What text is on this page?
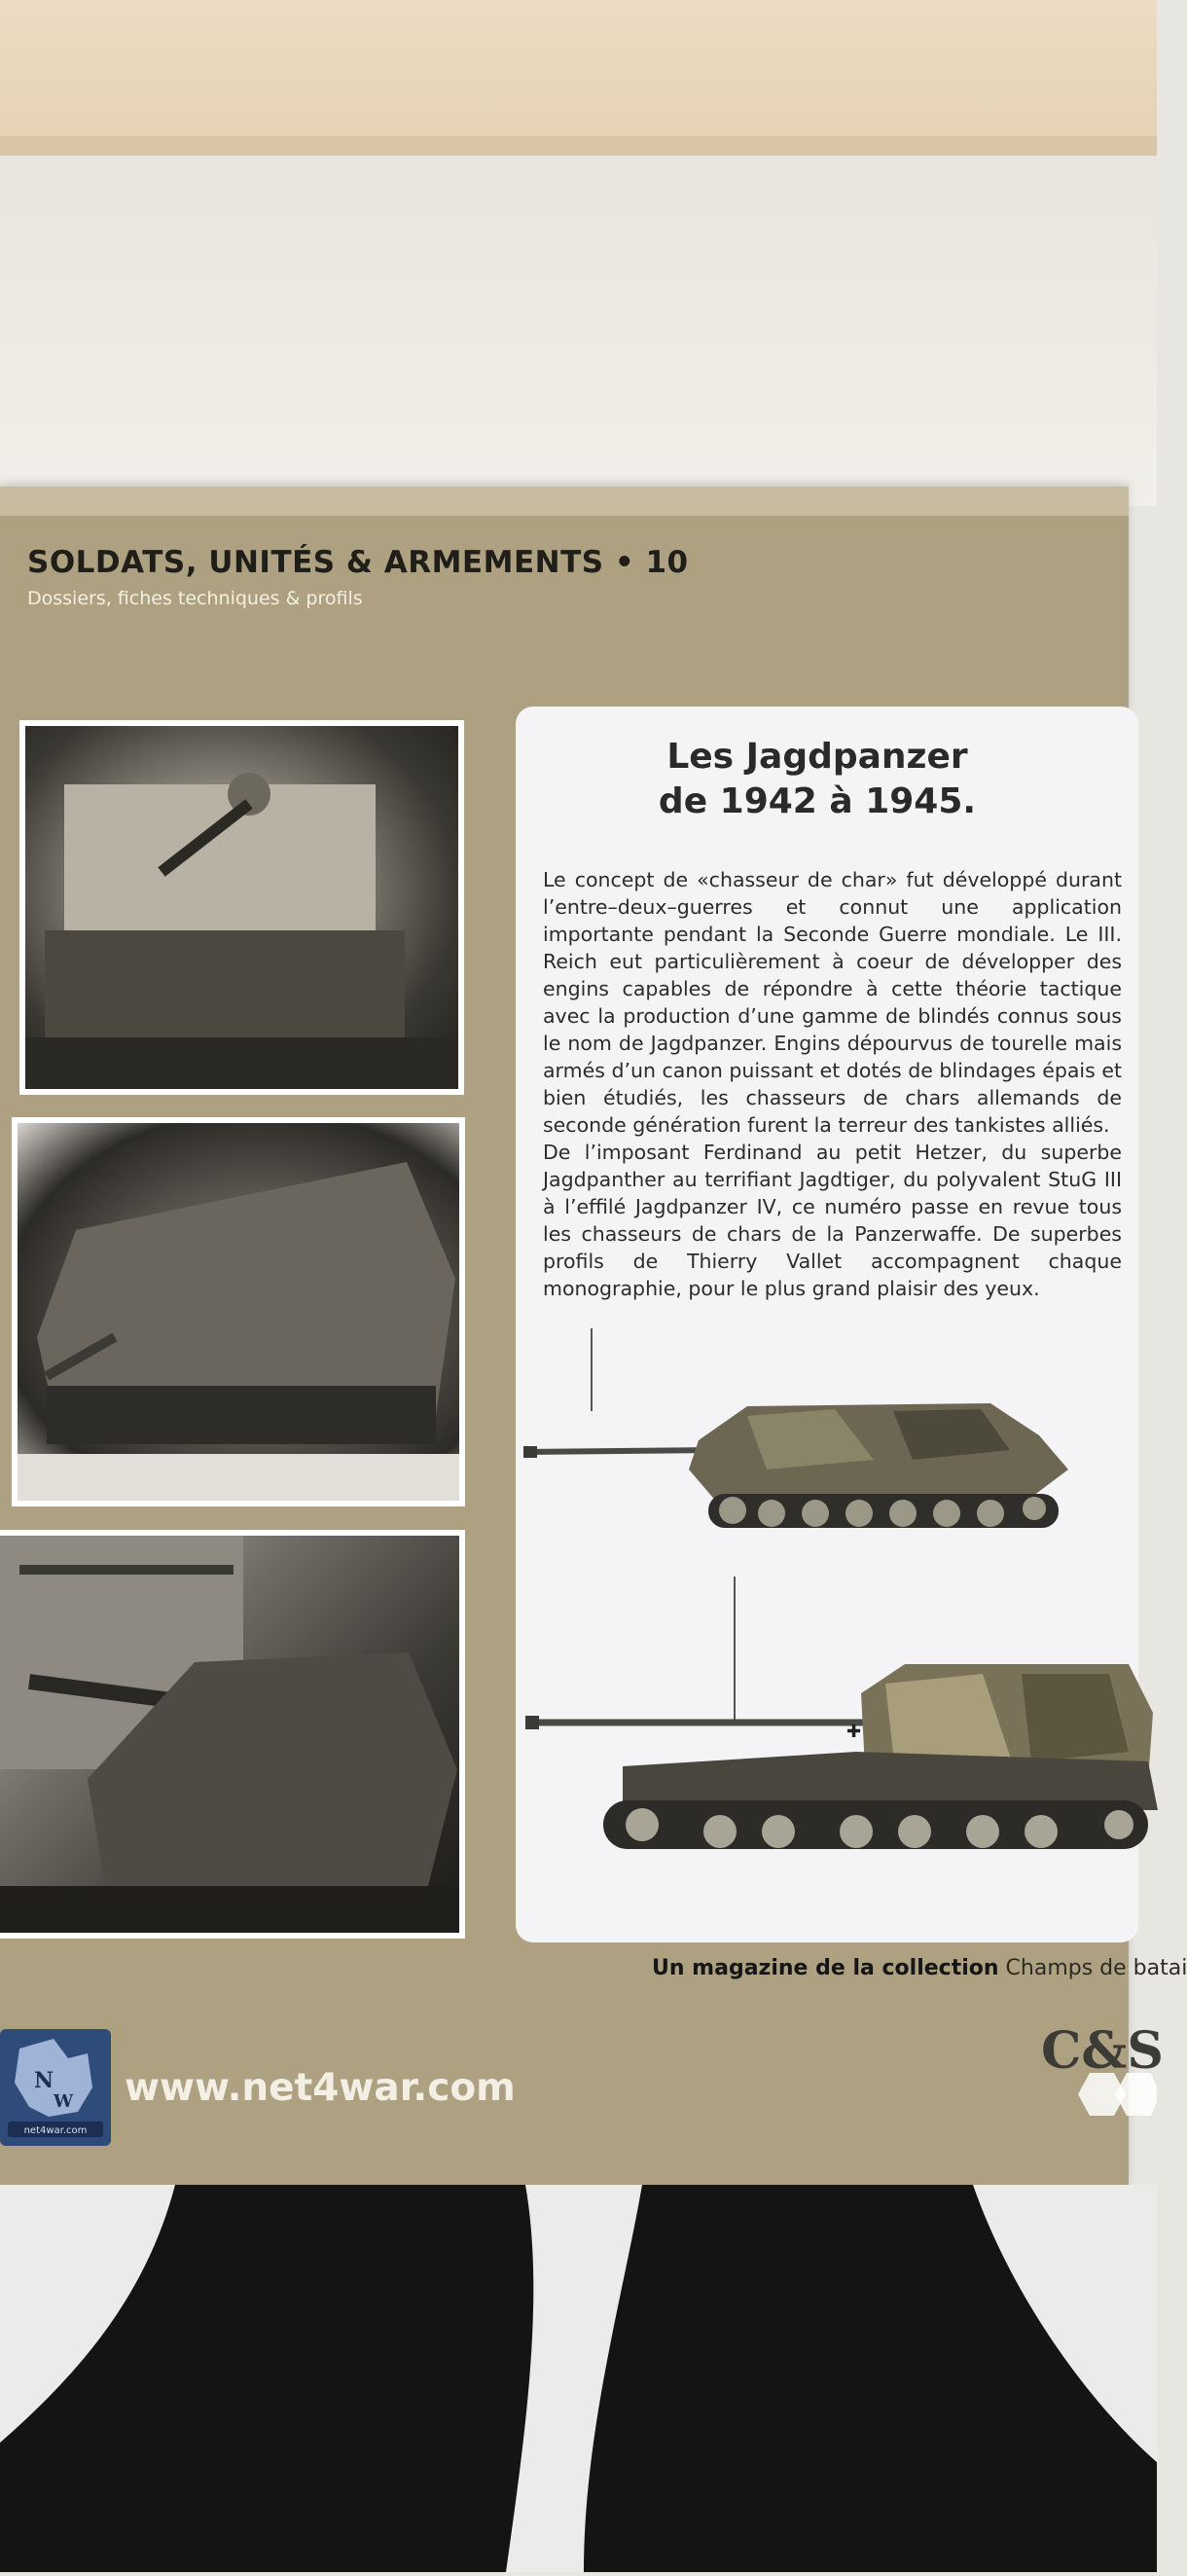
SOLDATS, UNITÉS & ARMEMENTS • 10
Dossiers, fiches techniques & profils
Les Jagdpanzer
de 1942 à 1945.

Le concept de «chasseur de char» fut développé durant l’entre–deux–guerres et connut une application importante pendant la Seconde Guerre mondiale. Le III. Reich eut particulièrement à coeur de développer des engins capables de répondre à cette théorie tactique avec la production d’une gamme de blindés connus sous le nom de Jagdpanzer. Engins dépourvus de tourelle mais armés d’un canon puissant et dotés de blindages épais et bien étudiés, les chasseurs de chars allemands de seconde génération furent la terreur des tankistes alliés.

De l’imposant Ferdinand au petit Hetzer, du superbe Jagdpanther au terrifiant Jagdtiger, du polyvalent StuG III à l’effilé Jagdpanzer IV, ce numéro passe en revue tous les chasseurs de chars de la Panzerwaffe. De superbes profils de Thierry Vallet accompagnent chaque monographie, pour le plus grand plaisir des yeux.

✚
Un magazine de la collection Champs de batai
N
W
net4war.com
www.net4war.com
C&S
